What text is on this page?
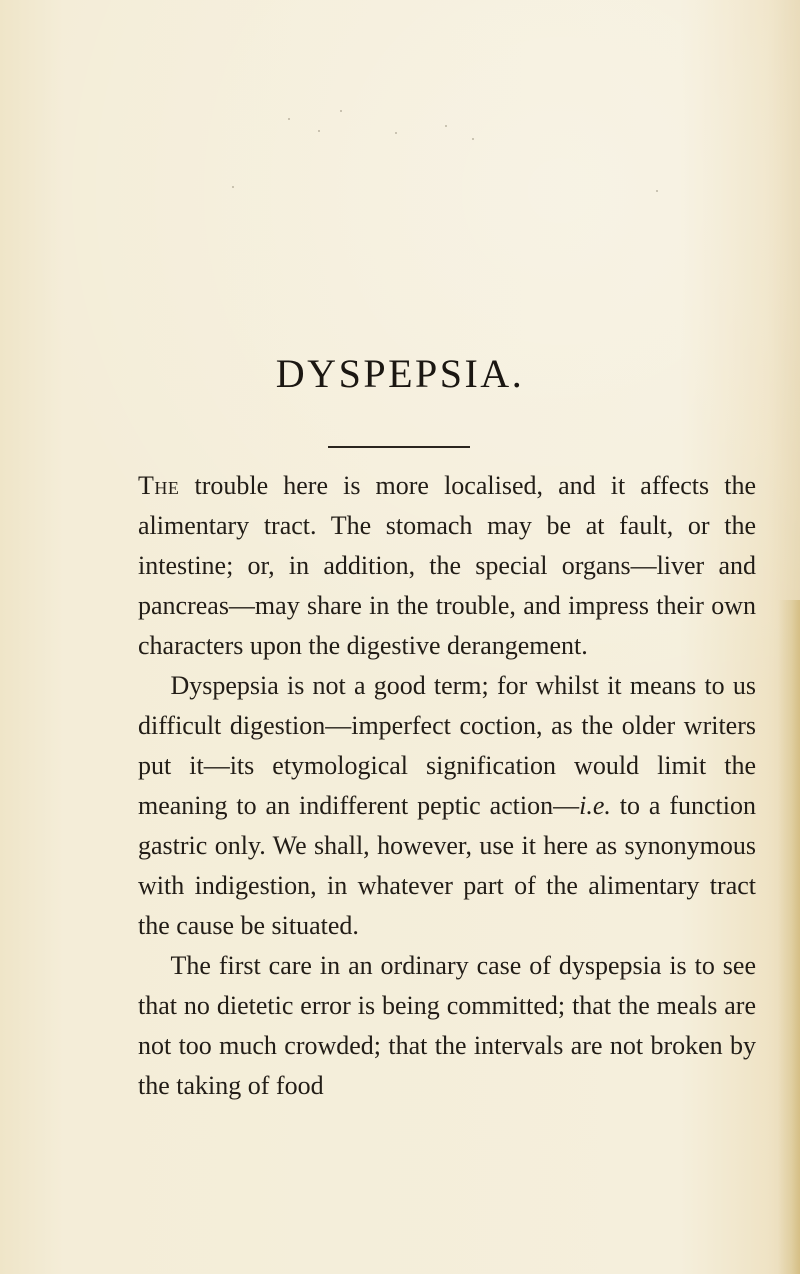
DYSPEPSIA.

The trouble here is more localised, and it affects the alimentary tract. The stomach may be at fault, or the intestine; or, in addition, the special organs—liver and pancreas—may share in the trouble, and impress their own characters upon the digestive derangement.

Dyspepsia is not a good term; for whilst it means to us difficult digestion—imperfect coction, as the older writers put it—its etymological signification would limit the meaning to an indifferent peptic action—i.e. to a function gastric only. We shall, however, use it here as synonymous with indigestion, in whatever part of the alimentary tract the cause be situated.

The first care in an ordinary case of dyspepsia is to see that no dietetic error is being committed; that the meals are not too much crowded; that the intervals are not broken by the taking of food
